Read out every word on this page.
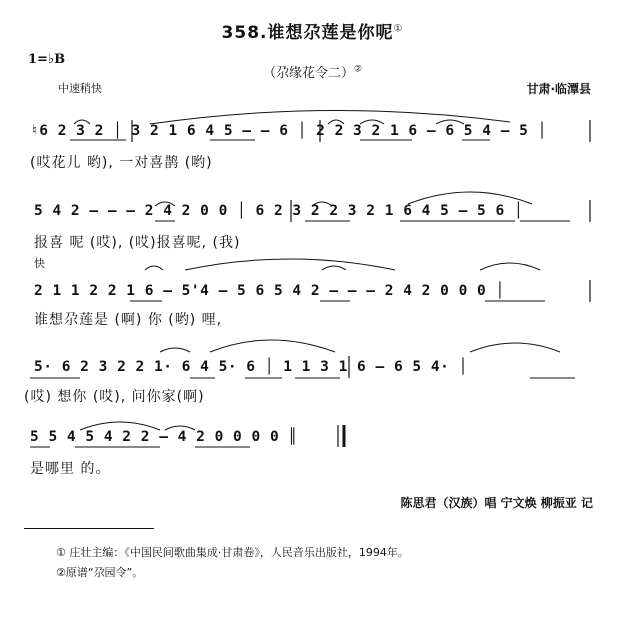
358.谁想尕莲是你呢①
1=♭B
（尕缘花令二）②
中速稍快	甘肃·临潭县
♮6 2 3 2 │ 3 2 1 6 4 5 – – 6 │ 2 2 3 2 1 6 – 6 5 4 – 5 │
(哎花儿 哟), 一对喜鹊 (哟)
5 4 2 – – – 2 4 2 0 0 │ 6 2 3 2 2 3 2 1 6 4 5 – 5 6 │
报喜 呢 (哎), (哎)报喜呢, (我)
快
2 1 1 2 2 1 6 – 5'4 – 5 6 5 4 2 – – – 2 4 2 0 0 0 │
谁想尕莲是 (啊) 你 (哟) 哩,
5· 6 2 3 2 2 1· 6 4 5· 6 │ 1 1 3 1 6 – 6 5 4· │
(哎) 想你 (哎), 问你家(啊)
5 5 4 5 4 2 2 – 4 2 0 0 0 0 ║
是哪里 的。
陈思君（汉族）唱 宁文焕 柳振亚 记
① 庄壮主编：《中国民间歌曲集成·甘肃卷》，人民音乐出版社，1994年。
②原谱“尕园令”。
